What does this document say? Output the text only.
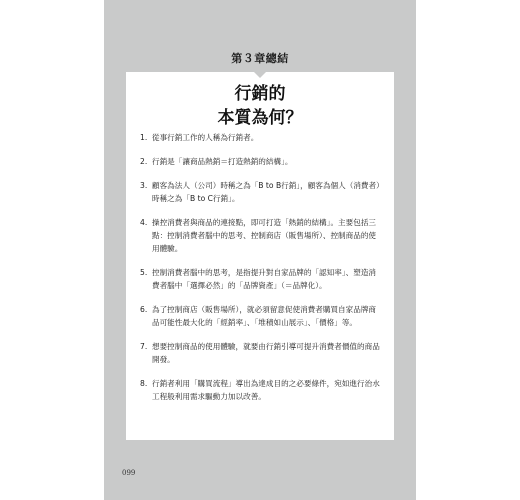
第３章總結
行銷的
本質為何？
1. 從事行銷工作的人稱為行銷者。
2. 行銷是「讓商品熱銷＝打造熱銷的結構」。
3. 顧客為法人（公司）時稱之為「B to B行銷」，顧客為個人（消費者）時稱之為「B to C行銷」。
4. 操控消費者與商品的連接點，即可打造「熱銷的結構」。主要包括三點：控制消費者腦中的思考、控制商店（販售場所）、控制商品的使用體驗。
5. 控制消費者腦中的思考，是指提升對自家品牌的「認知率」、塑造消費者腦中「選擇必然」的「品牌資產」（＝品牌化）。
6. 為了控制商店（販售場所），就必須留意促使消費者購買自家品牌商品可能性最大化的「經銷率」、「堆積如山展示」、「價格」等。
7. 想要控制商品的使用體驗，就要由行銷引導可提升消費者價值的商品開發。
8. 行銷者利用「購買流程」導出為達成目的之必要條件，宛如進行治水工程般利用需求驅動力加以改善。
099
